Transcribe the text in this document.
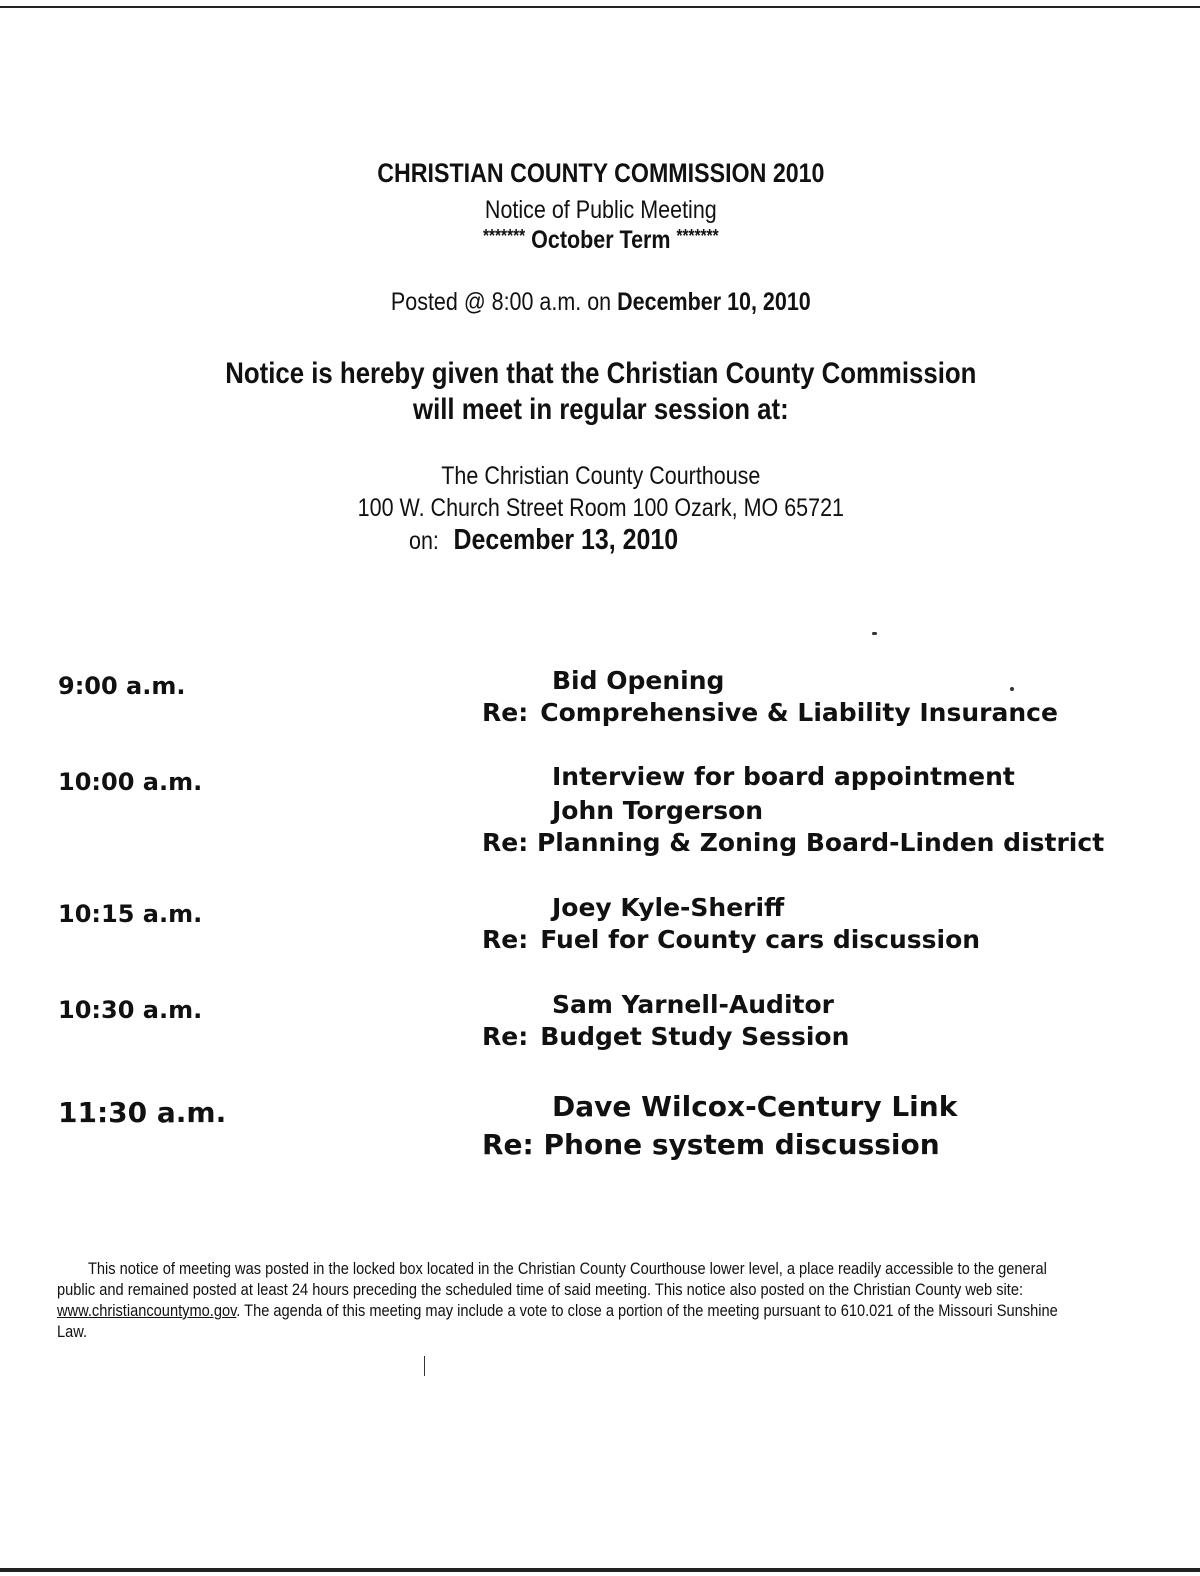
CHRISTIAN COUNTY COMMISSION 2010
Notice of Public Meeting
******* October Term *******
Posted @ 8:00 a.m. on December 10, 2010
Notice is hereby given that the Christian County Commission
will meet in regular session at:
The Christian County Courthouse
100 W. Church Street Room 100 Ozark, MO 65721
on: December 13, 2010
9:00 a.m.	Bid Opening
Re: Comprehensive & Liability Insurance
10:00 a.m.	Interview for board appointment
John Torgerson
Re: Planning & Zoning Board-Linden district
10:15 a.m.	Joey Kyle-Sheriff
Re: Fuel for County cars discussion
10:30 a.m.	Sam Yarnell-Auditor
Re: Budget Study Session
11:30 a.m.	Dave Wilcox-Century Link
Re: Phone system discussion
This notice of meeting was posted in the locked box located in the Christian County Courthouse lower level, a place readily accessible to the general public and remained posted at least 24 hours preceding the scheduled time of said meeting. This notice also posted on the Christian County web site: www.christiancountymo.gov. The agenda of this meeting may include a vote to close a portion of the meeting pursuant to 610.021 of the Missouri Sunshine Law.
